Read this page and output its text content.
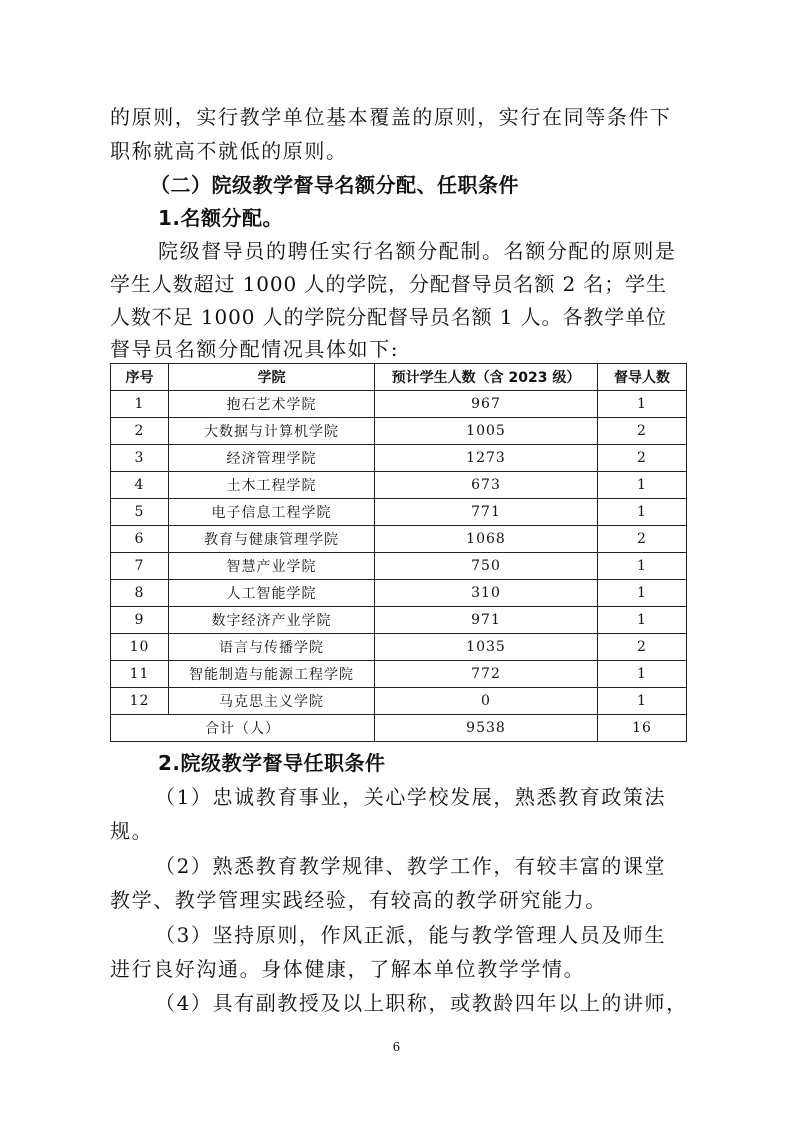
的原则，实行教学单位基本覆盖的原则，实行在同等条件下
职称就高不就低的原则。
（二）院级教学督导名额分配、任职条件
1.名额分配。
院级督导员的聘任实行名额分配制。名额分配的原则是
学生人数超过 1000 人的学院，分配督导员名额 2 名；学生
人数不足 1000 人的学院分配督导员名额 1 人。各教学单位
督导员名额分配情况具体如下:
序号	学院	预计学生人数（含 2023 级）	督导人数
1	抱石艺术学院	967	1
2	大数据与计算机学院	1005	2
3	经济管理学院	1273	2
4	土木工程学院	673	1
5	电子信息工程学院	771	1
6	教育与健康管理学院	1068	2
7	智慧产业学院	750	1
8	人工智能学院	310	1
9	数字经济产业学院	971	1
10	语言与传播学院	1035	2
11	智能制造与能源工程学院	772	1
12	马克思主义学院	0	1
合计（人）		9538	16
2.院级教学督导任职条件
（1）忠诚教育事业，关心学校发展，熟悉教育政策法
规。
（2）熟悉教育教学规律、教学工作，有较丰富的课堂
教学、教学管理实践经验，有较高的教学研究能力。
（3）坚持原则，作风正派，能与教学管理人员及师生
进行良好沟通。身体健康，了解本单位教学学情。
（4）具有副教授及以上职称，或教龄四年以上的讲师，
6
